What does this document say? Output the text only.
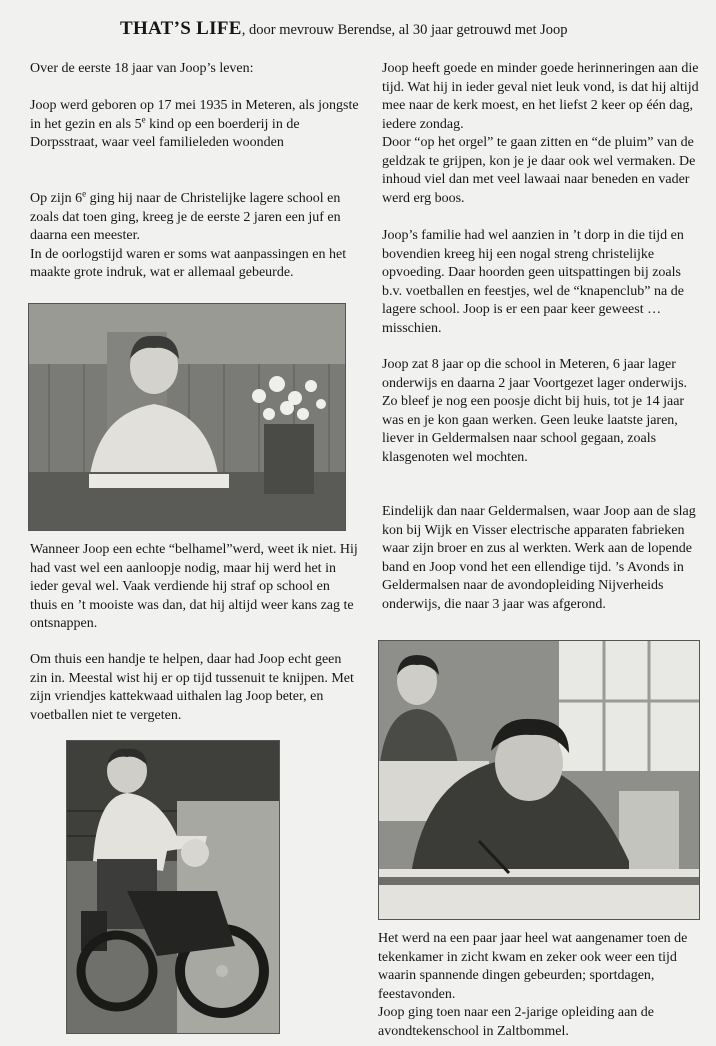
THAT’S LIFE, door mevrouw Berendse, al 30 jaar getrouwd met Joop

Over de eerste 18 jaar van Joop’s leven:

Joop werd geboren op 17 mei 1935 in Meteren, als jongste in het gezin en als 5e kind op een boerderij in de Dorpsstraat, waar veel familieleden woonden

Op zijn 6e ging hij naar de Christelijke lagere school en zoals dat toen ging, kreeg je de eerste 2 jaren een juf en daarna een meester.

In de oorlogstijd waren er soms wat aanpassingen en het maakte grote indruk, wat er allemaal gebeurde.

Wanneer Joop een echte “belhamel”werd, weet ik niet. Hij had vast wel een aanloopje nodig, maar hij werd het in ieder geval wel. Vaak verdiende hij straf op school en thuis en ’t mooiste was dan, dat hij altijd weer kans zag te ontsnappen.

Om thuis een handje te helpen, daar had Joop echt geen zin in. Meestal wist hij er op tijd tussenuit te knijpen. Met zijn vriendjes kattekwaad uithalen lag Joop beter, en voetballen niet te vergeten.

Joop heeft goede en minder goede herinneringen aan die tijd. Wat hij in ieder geval niet leuk vond, is dat hij altijd mee naar de kerk moest, en het liefst 2 keer op één dag, iedere zondag.

Door “op het orgel” te gaan zitten en “de pluim” van de geldzak te grijpen, kon je je daar ook wel vermaken. De inhoud viel dan met veel lawaai naar beneden en vader werd erg boos.

Joop’s familie had wel aanzien in ’t dorp in die tijd en bovendien kreeg hij een nogal streng christelijke opvoeding. Daar hoorden geen uitspattingen bij zoals b.v. voetballen en feestjes, wel de “knapenclub” na de lagere school. Joop is er een paar keer geweest … misschien.

Joop zat 8 jaar op die school in Meteren, 6 jaar lager onderwijs en daarna 2 jaar Voortgezet lager onderwijs. Zo bleef je nog een poosje dicht bij huis, tot je 14 jaar was en je kon gaan werken. Geen leuke laatste jaren, liever in Geldermalsen naar school gegaan, zoals klasgenoten wel mochten.

Eindelijk dan naar Geldermalsen, waar Joop aan de slag kon bij Wijk en Visser electrische apparaten fabrieken waar zijn broer en zus al werkten. Werk aan de lopende band en Joop vond het een ellendige tijd. ’s Avonds in Geldermalsen naar de avondopleiding Nijverheids onderwijs, die naar 3 jaar was afgerond.

Het werd na een paar jaar heel wat aangenamer toen de tekenkamer in zicht kwam en zeker ook weer een tijd waarin spannende dingen gebeurden; sportdagen, feestavonden.

Joop ging toen naar een 2-jarige opleiding aan de avondtekenschool in Zaltbommel.
